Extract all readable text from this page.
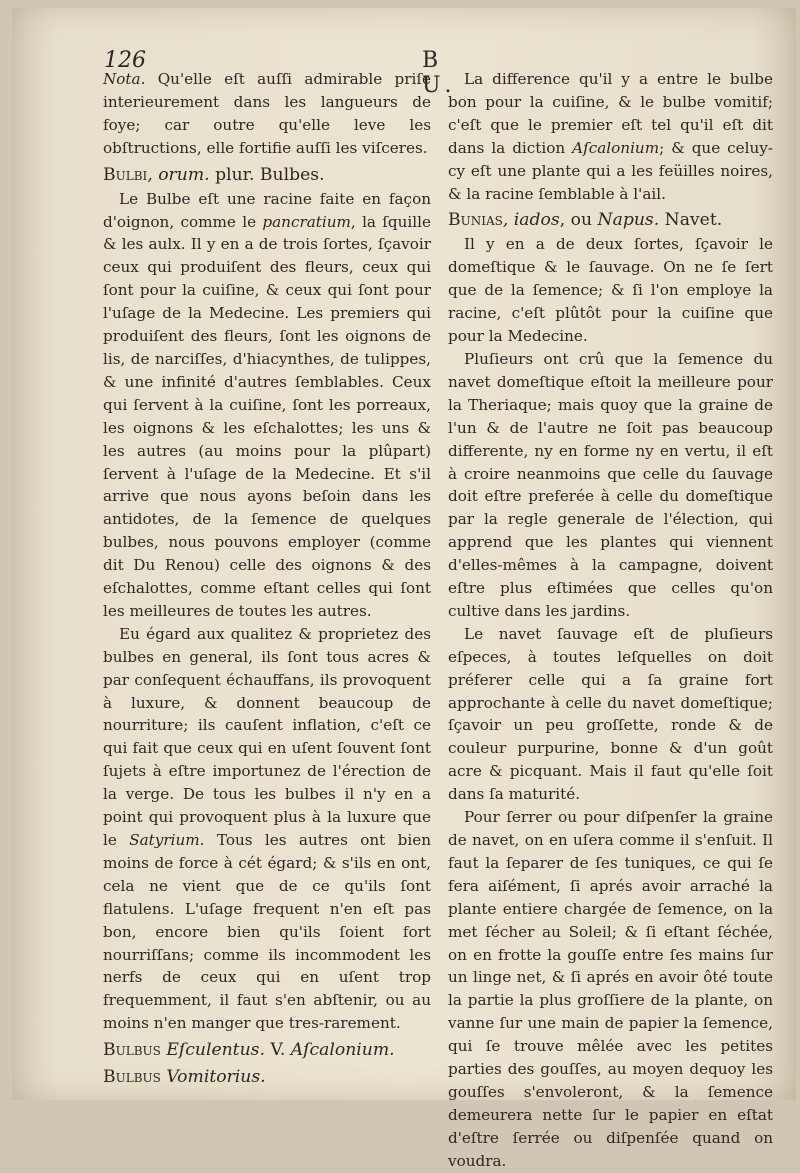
126	B U.

Nota. Qu'elle eſt auſſi admirable priſe interieurement dans les langueurs de foye; car outre qu'elle leve les obſtructions, elle fortifie auſſi les viſceres.

Bulbi, orum. plur. Bulbes.

Le Bulbe eſt une racine faite en façon d'oignon, comme le pancratium, la ſquille & les aulx. Il y en a de trois ſortes, ſçavoir ceux qui produiſent des fleurs, ceux qui ſont pour la cuiſine, & ceux qui ſont pour l'uſage de la Medecine. Les premiers qui produiſent des fleurs, ſont les oignons de lis, de narciſſes, d'hiacynthes, de tulippes, & une infinité d'autres ſemblables. Ceux qui ſervent à la cuiſine, ſont les porreaux, les oignons & les eſchalottes; les uns & les autres (au moins pour la plûpart) ſervent à l'uſage de la Medecine. Et s'il arrive que nous ayons beſoin dans les antidotes, de la ſemence de quelques bulbes, nous pouvons employer (comme dit Du Renou) celle des oignons & des eſchalottes, comme eſtant celles qui ſont les meilleures de toutes les autres.

Eu égard aux qualitez & proprietez des bulbes en general, ils ſont tous acres & par conſequent échauffans, ils provoquent à luxure, & donnent beaucoup de nourriture; ils cauſent inflation, c'eſt ce qui fait que ceux qui en uſent ſouvent ſont ſujets à eſtre importunez de l'érection de la verge. De tous les bulbes il n'y en a point qui provoquent plus à la luxure que le Satyrium. Tous les autres ont bien moins de force à cét égard; & s'ils en ont, cela ne vient que de ce qu'ils ſont flatulens. L'uſage frequent n'en eſt pas bon, encore bien qu'ils ſoient fort nourriſſans; comme ils incommodent les nerfs de ceux qui en uſent trop frequemment, il faut s'en abſtenir, ou au moins n'en manger que tres-rarement.

Bulbus Eſculentus. V. Aſcalonium.

Bulbus Vomitorius.

La difference qu'il y a entre le bulbe bon pour la cuiſine, & le bulbe vomitif; c'eſt que le premier eſt tel qu'il eſt dit dans la diction Aſcalonium; & que celuy-cy eſt une plante qui a les feüilles noires, & la racine ſemblable à l'ail.

Bunias, iados, ou Napus. Navet.

Il y en a de deux ſortes, ſçavoir le domeſtique & le ſauvage. On ne ſe ſert que de la ſemence; & ſi l'on employe la racine, c'eſt plûtôt pour la cuiſine que pour la Medecine.

Pluſieurs ont crû que la ſemence du navet domeſtique eſtoit la meilleure pour la Theriaque; mais quoy que la graine de l'un & de l'autre ne ſoit pas beaucoup differente, ny en forme ny en vertu, il eſt à croire neanmoins que celle du ſauvage doit eſtre preferée à celle du domeſtique par la regle generale de l'élection, qui apprend que les plantes qui viennent d'elles-mêmes à la campagne, doivent eſtre plus eſtimées que celles qu'on cultive dans les jardins.

Le navet ſauvage eſt de pluſieurs eſpeces, à toutes leſquelles on doit préferer celle qui a ſa graine fort approchante à celle du navet domeſtique; ſçavoir un peu groſſette, ronde & de couleur purpurine, bonne & d'un goût acre & picquant. Mais il faut qu'elle ſoit dans ſa maturité.

Pour ſerrer ou pour diſpenſer la graine de navet, on en uſera comme il s'enſuit. Il faut la ſeparer de ſes tuniques, ce qui ſe fera aiſément, ſi aprés avoir arraché la plante entiere chargée de ſemence, on la met ſécher au Soleil; & ſi eſtant ſéchée, on en frotte la gouſſe entre ſes mains ſur un linge net, & ſi aprés en avoir ôté toute la partie la plus groſſiere de la plante, on vanne ſur une main de papier la ſemence, qui ſe trouve mêlée avec les petites parties des gouſſes, au moyen dequoy les gouſſes s'envoleront, & la ſemence demeurera nette ſur le papier en eſtat d'eſtre ſerrée ou diſpenſée quand on voudra.
